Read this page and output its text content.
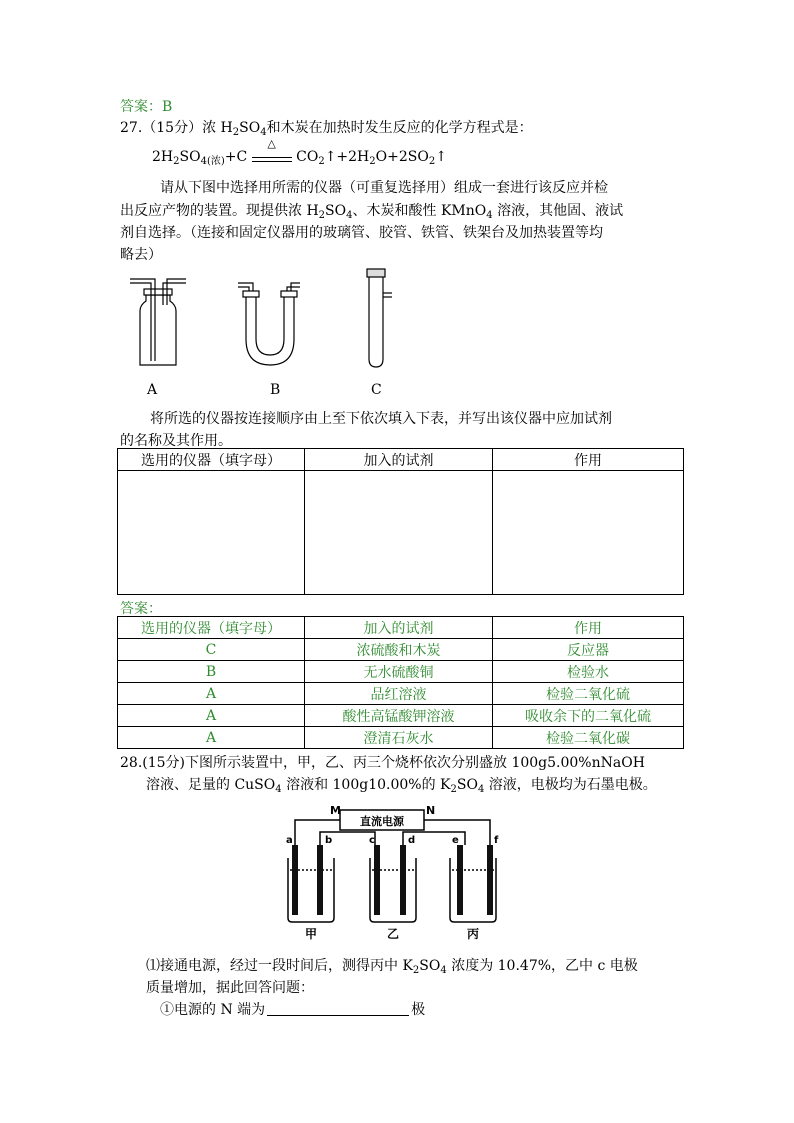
答案：B
27.（15分）浓 $H_2SO_4$和木炭在加热时发生反应的化学方程式是：
$2H_2SO_{4(浓)}+C$
△
$CO_2↑+2H_2O+2SO_2↑$
请从下图中选择用所需的仪器（可重复选择用）组成一套进行该反应并检
出反应产物的装置。现提供浓 $H_2SO_4$、木炭和酸性 KMnO$_4$ 溶液，其他固、液试
剂自选择。（连接和固定仪器用的玻璃管、胶管、铁管、铁架台及加热装置等均
略去）
A	B	C
将所选的仪器按连接顺序由上至下依次填入下表，并写出该仪器中应加试剂
的名称及其作用。
选用的仪器（填字母）	加入的试剂	作用

答案：
选用的仪器（填字母）	加入的试剂	作用
C	浓硫酸和木炭	反应器
B	无水硫酸铜	检验水
A	品红溶液	检验二氧化硫
A	酸性高锰酸钾溶液	吸收余下的二氧化硫
A	澄清石灰水	检验二氧化碳
28.(15分)下图所示装置中，甲，乙、丙三个烧杯依次分别盛放 100g5.00%nNaOH
溶液、足量的 CuSO$_4$ 溶液和 100g10.00%的 $K_2SO_4$ 溶液，电极均为石墨电极。
M	N
直流电源
a	b	c	d	e	f
甲	乙	丙
⑴接通电源，经过一段时间后，测得丙中 $K_2SO_4$ 浓度为 10.47%，乙中 c 电极
质量增加，据此回答问题：
①电源的 N 端为	极
